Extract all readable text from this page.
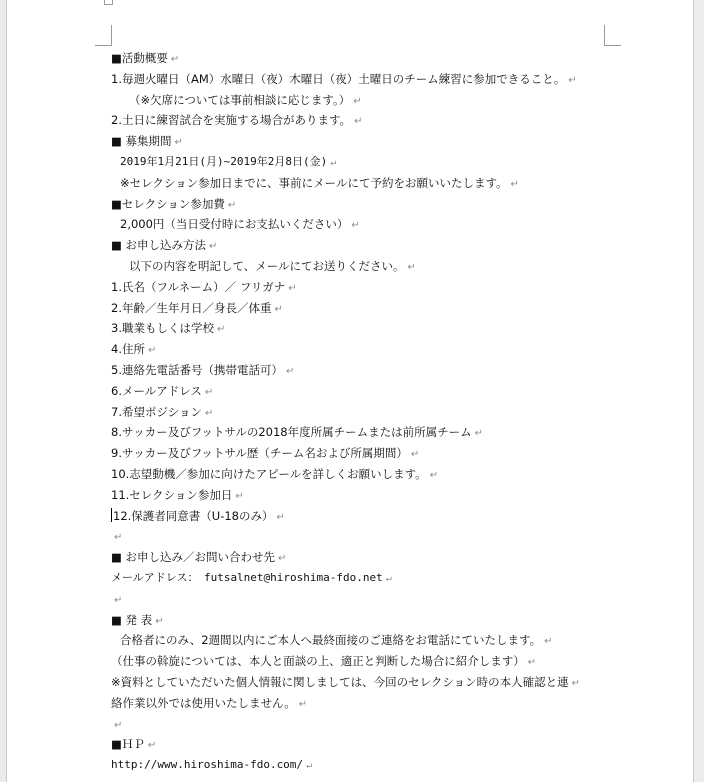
■活動概要 ↵
1.毎週火曜日（AM）水曜日（夜）木曜日（夜）土曜日のチーム練習に参加できること。 ↵
（※欠席については事前相談に応じます。） ↵
2.土日に練習試合を実施する場合があります。 ↵
■ 募集期間 ↵
2019年1月21日(月)~2019年2月8日(金) ↵
※セレクション参加日までに、事前にメールにて予約をお願いいたします。 ↵
■セレクション参加費 ↵
2,000円（当日受付時にお支払いください） ↵
■ お申し込み方法 ↵
以下の内容を明記して、メールにてお送りください。 ↵
1.氏名（フルネーム）／ フリガナ ↵
2.年齢／生年月日／身長／体重 ↵
3.職業もしくは学校 ↵
4.住所 ↵
5.連絡先電話番号（携帯電話可） ↵
6.メールアドレス ↵
7.希望ポジション ↵
8.サッカー及びフットサルの2018年度所属チームまたは前所属チーム ↵
9.サッカー及びフットサル歴（チーム名および所属期間） ↵
10.志望動機／参加に向けたアピールを詳しくお願いします。 ↵
11.セレクション参加日 ↵
12.保護者同意書（U-18のみ） ↵
↵
■ お申し込み／お問い合わせ先 ↵
メールアドレス：　futsalnet@hiroshima-fdo.net ↵
↵
■ 発 表 ↵
合格者にのみ、2週間以内にご本人へ最終面接のご連絡をお電話にていたします。 ↵
（仕事の斡旋については、本人と面談の上、適正と判断した場合に紹介します） ↵
※資料としていただいた個人情報に関しましては、今回のセレクション時の本人確認と連 ↵
絡作業以外では使用いたしません。 ↵
↵
■ＨＰ ↵
http://www.hiroshima-fdo.com/ ↵
